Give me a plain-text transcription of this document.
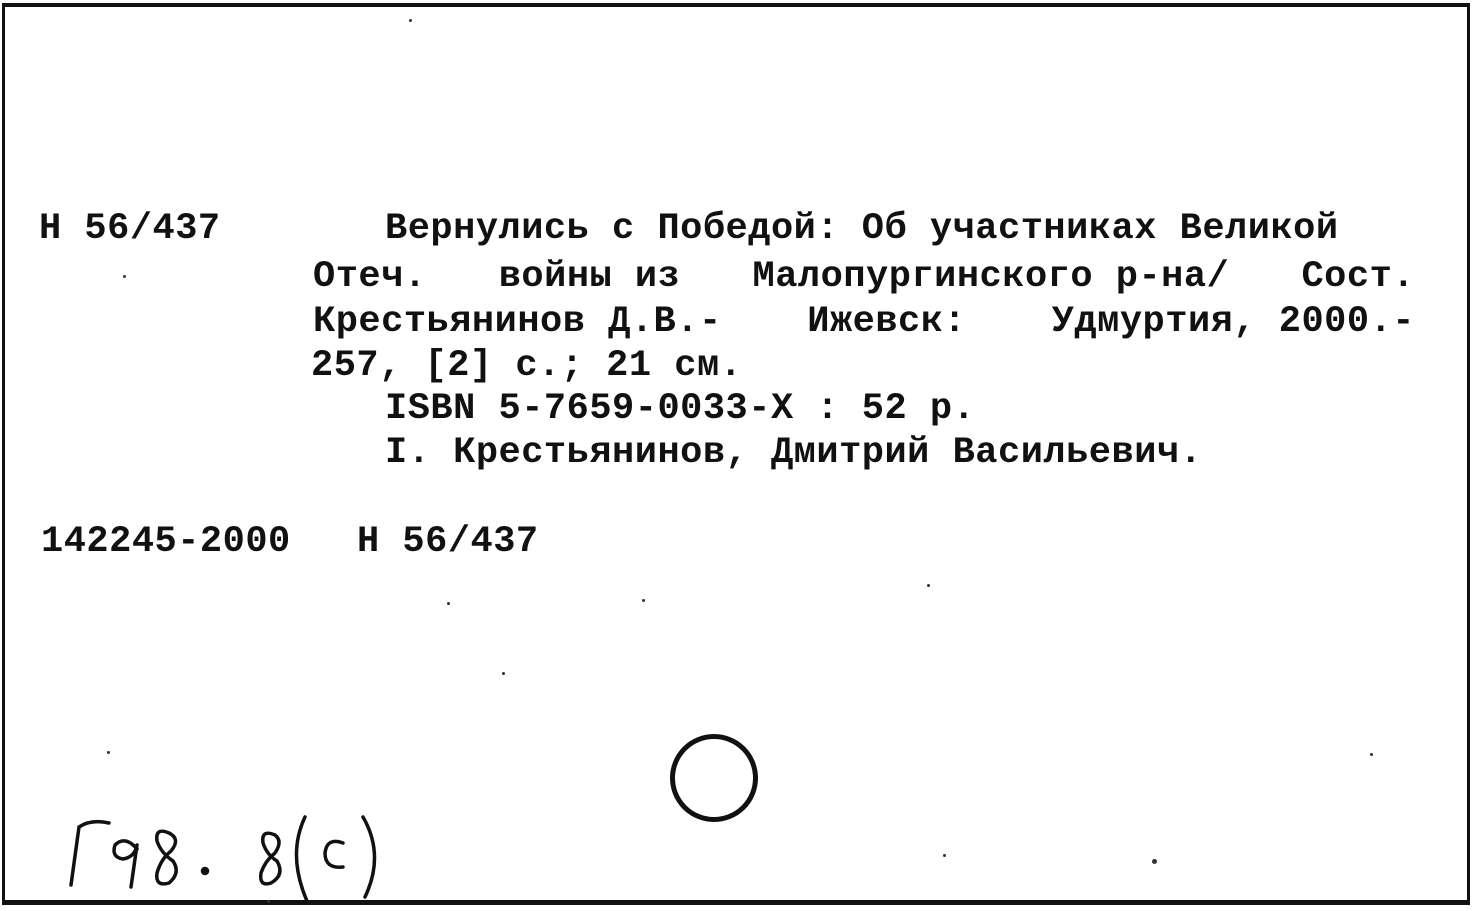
Н 56/437	Вернулись с Победой: Об участниках Великой
Отеч. войны из Малопургинского р-на/ Сост.
Крестьянинов Д.В.- Ижевск: Удмуртия, 2000.-
257, [2] с.; 21 см.
ISBN 5-7659-0033-X : 52 р.
I. Крестьянинов, Дмитрий Васильевич.
142245-2000 Н 56/437
Г98.8(с)
